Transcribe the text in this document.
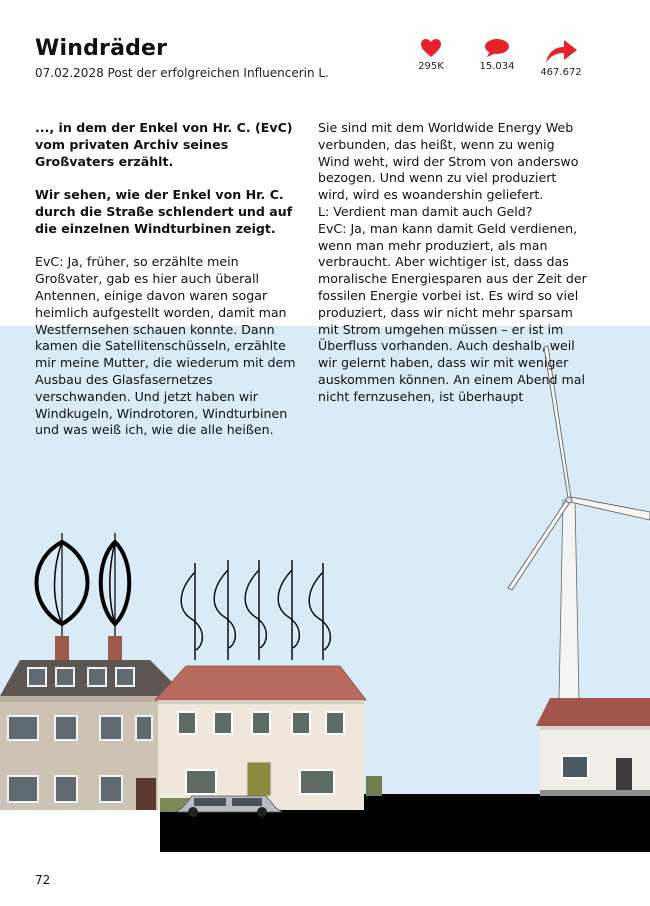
Windräder
07.02.2028 Post der erfolgreichen Influencerin L.	295K	15.034
467.672

..., in dem der Enkel von Hr. C. (EvC) vom privaten Archiv seines Großvaters erzählt.

Wir sehen, wie der Enkel von Hr. C. durch die Straße schlendert und auf die einzelnen Windturbinen zeigt.

EvC: Ja, früher, so erzählte mein Großvater, gab es hier auch überall Antennen, einige davon waren sogar heimlich aufgestellt worden, damit man Westfernsehen schauen konnte. Dann kamen die Satellitenschüsseln, erzählte mir meine Mutter, die wiederum mit dem Ausbau des Glasfasernetzes verschwanden. Und jetzt haben wir Windkugeln, Windrotoren, Windturbinen und was weiß ich, wie die alle heißen.

Sie sind mit dem Worldwide Energy Web verbunden, das heißt, wenn zu wenig Wind weht, wird der Strom von anderswo bezogen. Und wenn zu viel produziert wird, wird es woandershin geliefert.
L: Verdient man damit auch Geld?
EvC: Ja, man kann damit Geld verdienen, wenn man mehr produziert, als man verbraucht. Aber wichtiger ist, dass das moralische Energiesparen aus der Zeit der fossilen Energie vorbei ist. Es wird so viel produziert, dass wir nicht mehr sparsam mit Strom umgehen müssen – er ist im Überfluss vorhanden. Auch deshalb, weil wir gelernt haben, dass wir mit weniger auskommen können. An einem Abend mal nicht fernzusehen, ist überhaupt
72
